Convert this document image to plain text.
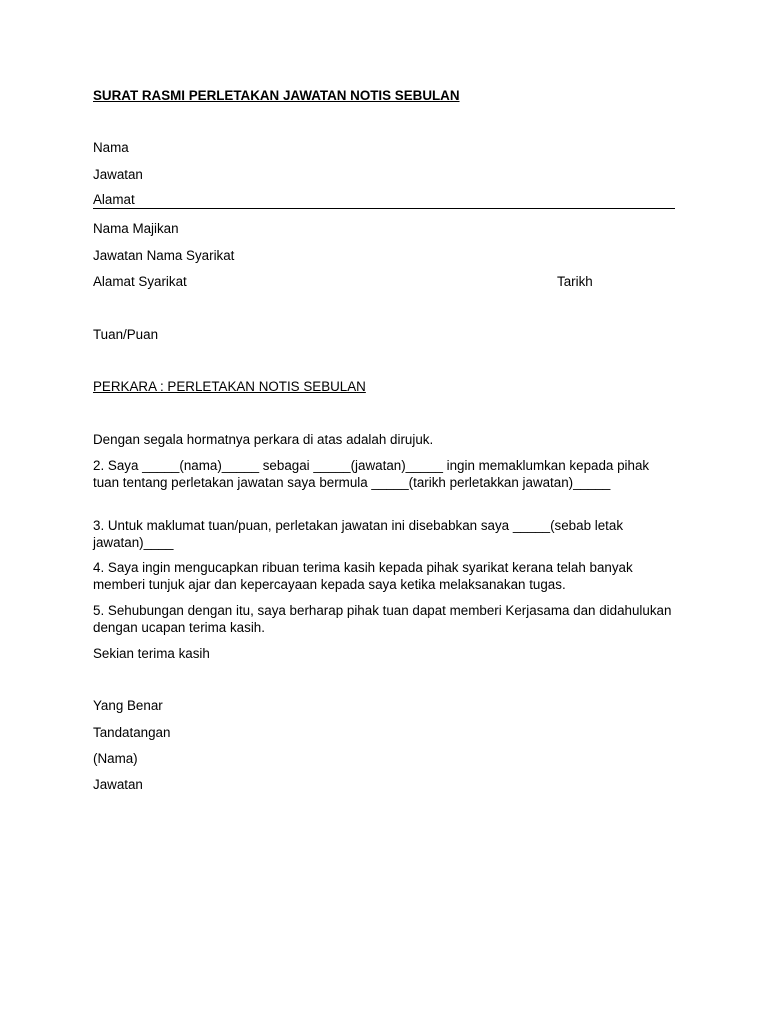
SURAT RASMI PERLETAKAN JAWATAN NOTIS SEBULAN

Nama

Jawatan

Alamat

Nama Majikan

Jawatan Nama Syarikat

Alamat Syarikat	Tarikh

Tuan/Puan

PERKARA : PERLETAKAN NOTIS SEBULAN

Dengan segala hormatnya perkara di atas adalah dirujuk.

2. Saya _____(nama)_____ sebagai _____(jawatan)_____ ingin memaklumkan kepada pihak tuan tentang perletakan jawatan saya bermula _____(tarikh perletakkan jawatan)_____

3. Untuk maklumat tuan/puan, perletakan jawatan ini disebabkan saya _____(sebab letak jawatan)____

4. Saya ingin mengucapkan ribuan terima kasih kepada pihak syarikat kerana telah banyak memberi tunjuk ajar dan kepercayaan kepada saya ketika melaksanakan tugas.

5. Sehubungan dengan itu, saya berharap pihak tuan dapat memberi Kerjasama dan didahulukan dengan ucapan terima kasih.

Sekian terima kasih

Yang Benar

Tandatangan

(Nama)

Jawatan
